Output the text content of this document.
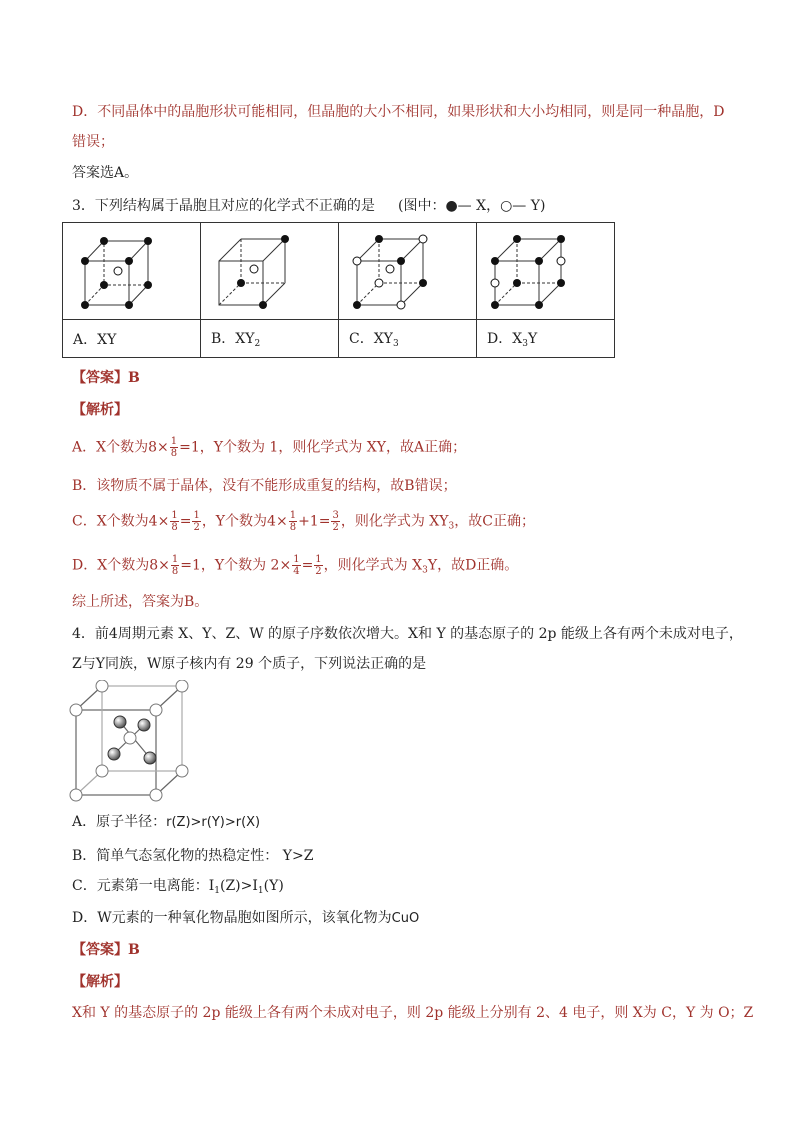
D．不同晶体中的晶胞形状可能相同，但晶胞的大小不相同，如果形状和大小均相同，则是同一种晶胞，D
错误；
答案选A。
3．下列结构属于晶胞且对应的化学式不正确的是 (图中：●— X，○— Y)

A．XY	B．$XY_2$	C．$XY_3$	D．$X_3Y$
【答案】B
【解析】
A．X个数为$8\times \frac{1}{8} =1$，Y个数为 1，则化学式为 XY，故A正确；
B．该物质不属于晶体，没有不能形成重复的结构，故B错误；
C．X个数为$4\times \frac{1}{8} = \frac{1}{2}$ ，Y个数为$4\times \frac{1}{8} +1= \frac{3}{2}$ ，则化学式为 $XY_3$，故C正确；
D．X个数为$8\times \frac{1}{8} =1$，Y个数为 $2\times \frac{1}{4} = \frac{1}{2}$ ，则化学式为 $X_3Y$，故D正确。
综上所述，答案为B。
4．前4周期元素 X、Y、Z、W 的原子序数依次增大。X和 Y 的基态原子的 2p 能级上各有两个未成对电子，
Z与Y同族，W原子核内有 29 个质子，下列说法正确的是
A．原子半径：r(Z)>r(Y)>r(X)
B．简单气态氢化物的热稳定性： Y>Z
C．元素第一电离能：$I_1(Z)>I_1(Y)$
D．W元素的一种氧化物晶胞如图所示，该氧化物为CuO
【答案】B
【解析】
X和 Y 的基态原子的 2p 能级上各有两个未成对电子，则 2p 能级上分别有 2、4 电子，则 X为 C，Y 为 O；Z
